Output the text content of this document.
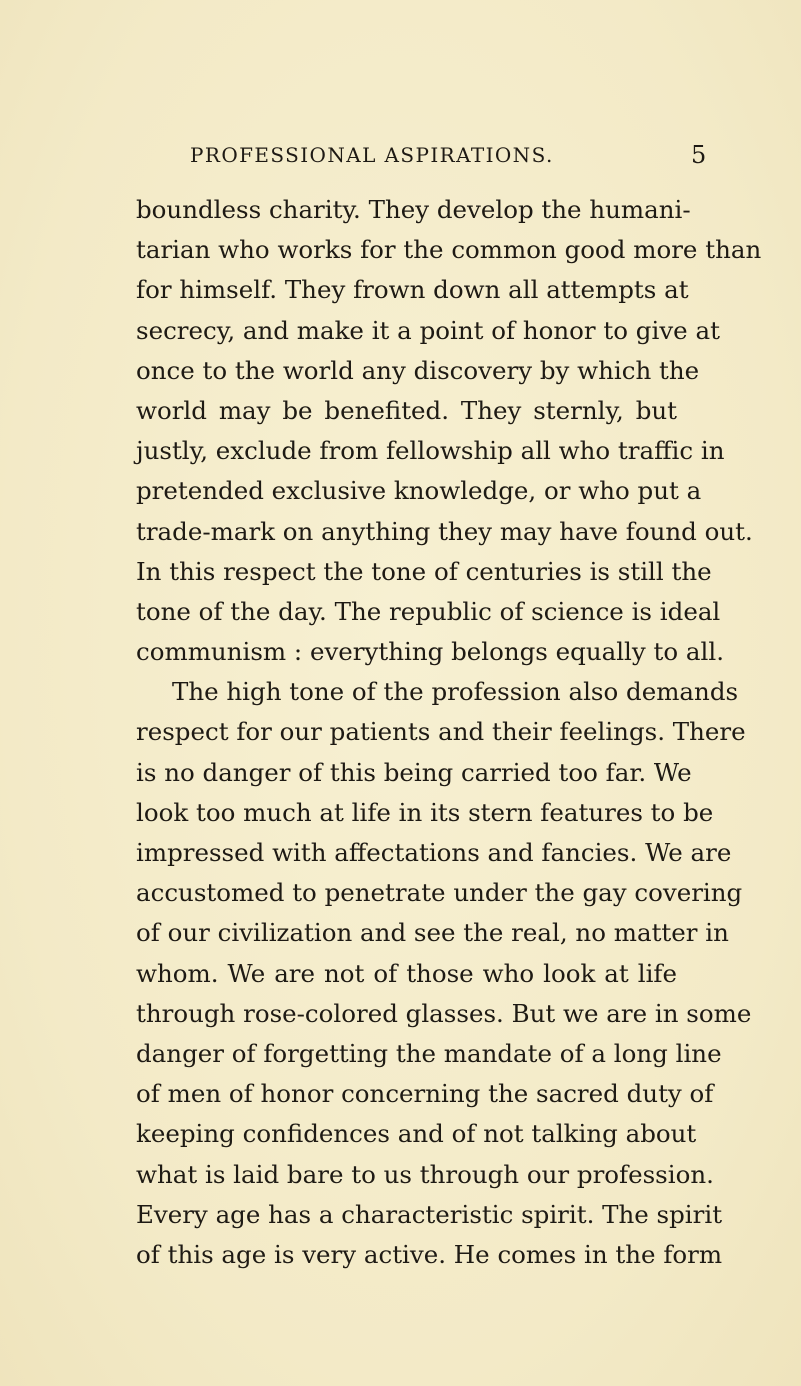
PROFESSIONAL ASPIRATIONS.	5
boundless charity. They develop the humani-
tarian who works for the common good more than
for himself. They frown down all attempts at
secrecy, and make it a point of honor to give at
once to the world any discovery by which the
world may be benefited. They sternly, but
justly, exclude from fellowship all who traffic in
pretended exclusive knowledge, or who put a
trade-mark on anything they may have found out.
In this respect the tone of centuries is still the
tone of the day. The republic of science is ideal
communism : everything belongs equally to all.
The high tone of the profession also demands
respect for our patients and their feelings. There
is no danger of this being carried too far. We
look too much at life in its stern features to be
impressed with affectations and fancies. We are
accustomed to penetrate under the gay covering
of our civilization and see the real, no matter in
whom. We are not of those who look at life
through rose-colored glasses. But we are in some
danger of forgetting the mandate of a long line
of men of honor concerning the sacred duty of
keeping confidences and of not talking about
what is laid bare to us through our profession.
Every age has a characteristic spirit. The spirit
of this age is very active. He comes in the form
